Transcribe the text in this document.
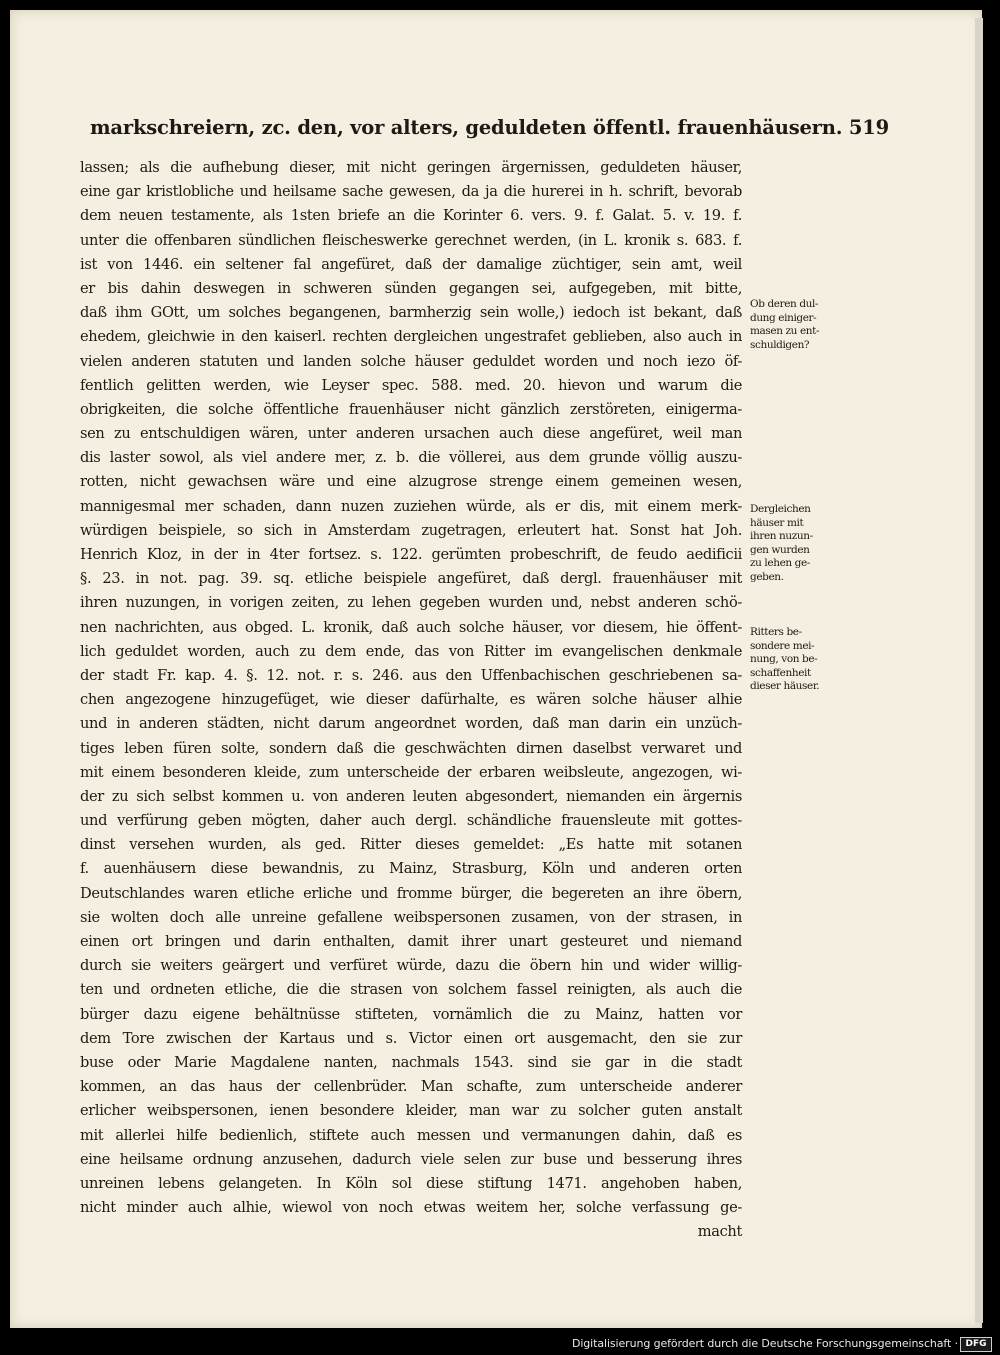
markschreiern, zc. den, vor alters, geduldeten öffentl. frauenhäusern. 519
lassen; als die aufhebung dieser, mit nicht geringen ärgernissen, geduldeten häuser,
eine gar kristlobliche und heilsame sache gewesen, da ja die hurerei in h. schrift, bevorab
dem neuen testamente, als 1sten briefe an die Korinter 6. vers. 9. f. Galat. 5. v. 19. f.
unter die offenbaren sündlichen fleischeswerke gerechnet werden, (in L. kronik s. 683. f.
ist von 1446. ein seltener fal angefüret, daß der damalige züchtiger, sein amt, weil
er bis dahin deswegen in schweren sünden gegangen sei, aufgegeben, mit bitte,
daß ihm GOtt, um solches begangenen, barmherzig sein wolle,) iedoch ist bekant, daß
ehedem, gleichwie in den kaiserl. rechten dergleichen ungestrafet geblieben, also auch in
vielen anderen statuten und landen solche häuser geduldet worden und noch iezo öf-
fentlich gelitten werden, wie Leyser spec. 588. med. 20. hievon und warum die
obrigkeiten, die solche öffentliche frauenhäuser nicht gänzlich zerstöreten, einigerma-
sen zu entschuldigen wären, unter anderen ursachen auch diese angefüret, weil man
dis laster sowol, als viel andere mer, z. b. die völlerei, aus dem grunde völlig auszu-
rotten, nicht gewachsen wäre und eine alzugrose strenge einem gemeinen wesen,
mannigesmal mer schaden, dann nuzen zuziehen würde, als er dis, mit einem merk-
würdigen beispiele, so sich in Amsterdam zugetragen, erleutert hat. Sonst hat Joh.
Henrich Kloz, in der in 4ter fortsez. s. 122. gerümten probeschrift, de feudo aedificii
§. 23. in not. pag. 39. sq. etliche beispiele angefüret, daß dergl. frauenhäuser mit
ihren nuzungen, in vorigen zeiten, zu lehen gegeben wurden und, nebst anderen schö-
nen nachrichten, aus obged. L. kronik, daß auch solche häuser, vor diesem, hie öffent-
lich geduldet worden, auch zu dem ende, das von Ritter im evangelischen denkmale
der stadt Fr. kap. 4. §. 12. not. r. s. 246. aus den Uffenbachischen geschriebenen sa-
chen angezogene hinzugefüget, wie dieser dafürhalte, es wären solche häuser alhie
und in anderen städten, nicht darum angeordnet worden, daß man darin ein unzüch-
tiges leben füren solte, sondern daß die geschwächten dirnen daselbst verwaret und
mit einem besonderen kleide, zum unterscheide der erbaren weibsleute, angezogen, wi-
der zu sich selbst kommen u. von anderen leuten abgesondert, niemanden ein ärgernis
und verfürung geben mögten, daher auch dergl. schändliche frauensleute mit gottes-
dinst versehen wurden, als ged. Ritter dieses gemeldet: „Es hatte mit sotanen
f. auenhäusern diese bewandnis, zu Mainz, Strasburg, Köln und anderen orten
Deutschlandes waren etliche erliche und fromme bürger, die begereten an ihre öbern,
sie wolten doch alle unreine gefallene weibspersonen zusamen, von der strasen, in
einen ort bringen und darin enthalten, damit ihrer unart gesteuret und niemand
durch sie weiters geärgert und verfüret würde, dazu die öbern hin und wider willig-
ten und ordneten etliche, die die strasen von solchem fassel reinigten, als auch die
bürger dazu eigene behältnüsse stifteten, vornämlich die zu Mainz, hatten vor
dem Tore zwischen der Kartaus und s. Victor einen ort ausgemacht, den sie zur
buse oder Marie Magdalene nanten, nachmals 1543. sind sie gar in die stadt
kommen, an das haus der cellenbrüder. Man schafte, zum unterscheide anderer
erlicher weibspersonen, ienen besondere kleider, man war zu solcher guten anstalt
mit allerlei hilfe bedienlich, stiftete auch messen und vermanungen dahin, daß es
eine heilsame ordnung anzusehen, dadurch viele selen zur buse und besserung ihres
unreinen lebens gelangeten. In Köln sol diese stiftung 1471. angehoben haben,
nicht minder auch alhie, wiewol von noch etwas weitem her, solche verfassung ge-
macht
Ob deren dul-
dung einiger-
masen zu ent-
schuldigen?
Dergleichen
häuser mit
ihren nuzun-
gen wurden
zu lehen ge-
geben.
Ritters be-
sondere mei-
nung, von be-
schaffenheit
dieser häuser.
Digitalisierung gefördert durch die Deutsche Forschungsgemeinschaft · DFG
